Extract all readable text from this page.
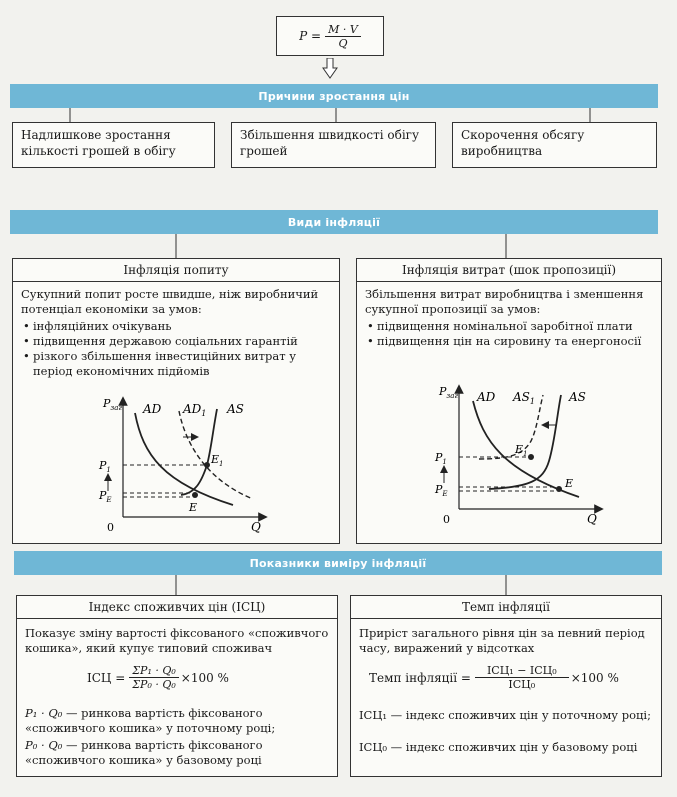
$P = \frac{M \cdot V}{Q}$
Причини зростання цін
Надлишкове зростання кількості грошей в обігу
Збільшення швидкості обігу грошей
Скорочення обсягу виробництва
Види інфляції
Інфляція попиту
Сукупний попит росте швидше, ніж виробничий потенціал економіки за умов:
• інфляційних очікувань
• підвищення державою соціальних гарантій
• різкого збільшення інвестиційних витрат у період економічних підйомів
$P_{заг}$
Q
0
AD $AD_1$ AS
$P_1$
$P_E$
$E_1$
E
Інфляція витрат (шок пропозиції)
Збільшення витрат виробництва і зменшення сукупної пропозиції за умов:
• підвищення номінальної заробітної плати
• підвищення цін на сировину та енергоносії
$P_{заг}$
Q
0
AD $AS_1$	AS
$P_1$
$P_E$
$E_1$
E
Показники виміру інфляції
Індекс споживчих цін (ІСЦ)
Показує зміну вартості фіксованого «споживчого кошика», який купує типовий споживач
ІСЦ = $\frac{\text{ΣP₁ · Q₀}}{\text{ΣP₀ · Q₀}} \times 100$ %
P₁ · Q₀ — ринкова вартість фіксованого «споживчого кошика» у поточному році;
P₀ · Q₀ — ринкова вартість фіксованого «споживчого кошика» у базовому році
Темп інфляції
Приріст загального рівня цін за певний період часу, виражений у відсотках
Темп інфляції = $\frac{\text{ІСЦ₁ − ІСЦ₀}}{\text{ІСЦ₀}} \times 100$ %
ІСЦ₁ — індекс споживчих цін у поточному році;
ІСЦ₀ — індекс споживчих цін у базовому році
